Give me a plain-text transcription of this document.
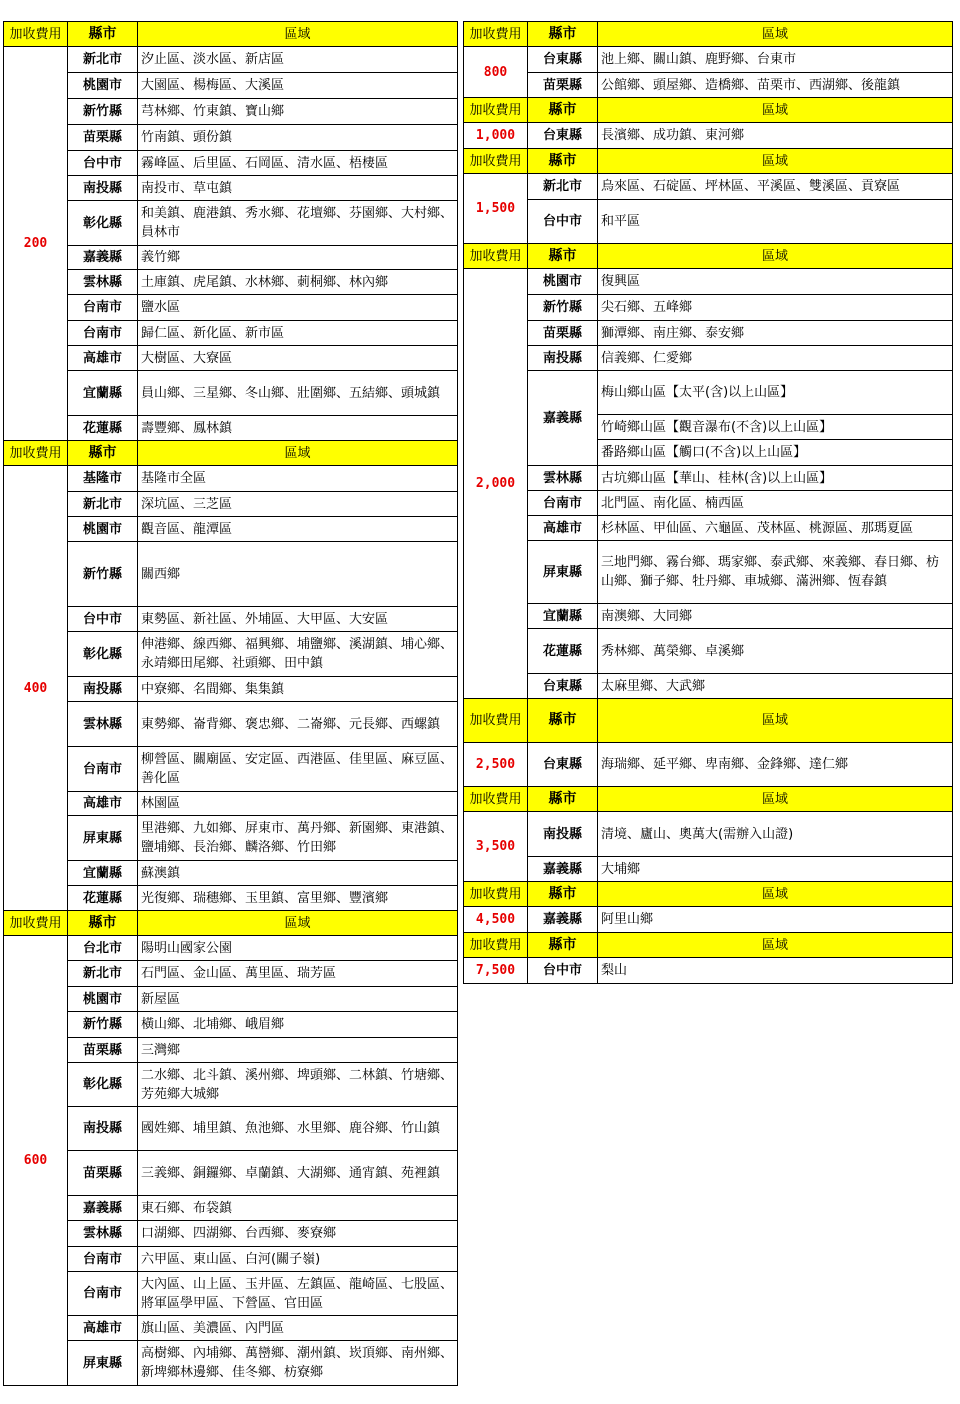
加收費用	縣市	區域
200	新北市	汐止區、淡水區、新店區
	桃園市	大園區、楊梅區、大溪區
	新竹縣	芎林鄉、竹東鎮、寶山鄉
	苗栗縣	竹南鎮、頭份鎮
	台中市	霧峰區、后里區、石岡區、清水區、梧棲區
	南投縣	南投市、草屯鎮
	彰化縣	和美鎮、鹿港鎮、秀水鄉、花壇鄉、芬園鄉、大村鄉、員林市
	嘉義縣	義竹鄉
	雲林縣	土庫鎮、虎尾鎮、水林鄉、莿桐鄉、林內鄉
	台南市	鹽水區
	台南市	歸仁區、新化區、新市區
	高雄市	大樹區、大寮區
	宜蘭縣	員山鄉、三星鄉、冬山鄉、壯圍鄉、五結鄉、頭城鎮
	花蓮縣	壽豐鄉、鳳林鎮
加收費用	縣市	區域
400	基隆市	基隆市全區
	新北市	深坑區、三芝區
	桃園市	觀音區、龍潭區
	新竹縣	關西鄉
	台中市	東勢區、新社區、外埔區、大甲區、大安區
	彰化縣	伸港鄉、線西鄉、福興鄉、埔鹽鄉、溪湖鎮、埔心鄉、永靖鄉田尾鄉、社頭鄉、田中鎮
	南投縣	中寮鄉、名間鄉、集集鎮
	雲林縣	東勢鄉、崙背鄉、褒忠鄉、二崙鄉、元長鄉、西螺鎮
	台南市	柳營區、關廟區、安定區、西港區、佳里區、麻豆區、善化區
	高雄市	林園區
	屏東縣	里港鄉、九如鄉、屏東市、萬丹鄉、新園鄉、東港鎮、鹽埔鄉、長治鄉、麟洛鄉、竹田鄉
	宜蘭縣	蘇澳鎮
	花蓮縣	光復鄉、瑞穗鄉、玉里鎮、富里鄉、豐濱鄉
加收費用	縣市	區域
600	台北市	陽明山國家公園
	新北市	石門區、金山區、萬里區、瑞芳區
	桃園市	新屋區
	新竹縣	橫山鄉、北埔鄉、峨眉鄉
	苗栗縣	三灣鄉
	彰化縣	二水鄉、北斗鎮、溪州鄉、埤頭鄉、二林鎮、竹塘鄉、芳苑鄉大城鄉
	南投縣	國姓鄉、埔里鎮、魚池鄉、水里鄉、鹿谷鄉、竹山鎮
	苗栗縣	三義鄉、銅鑼鄉、卓蘭鎮、大湖鄉、通宵鎮、苑裡鎮
	嘉義縣	東石鄉、布袋鎮
	雲林縣	口湖鄉、四湖鄉、台西鄉、麥寮鄉
	台南市	六甲區、東山區、白河(關子嶺)
	台南市	大內區、山上區、玉井區、左鎮區、龍崎區、七股區、將軍區學甲區、下營區、官田區
	高雄市	旗山區、美濃區、內門區
	屏東縣	高樹鄉、內埔鄉、萬巒鄉、潮州鎮、崁頂鄉、南州鄉、新埤鄉林邊鄉、佳冬鄉、枋寮鄉
加收費用	縣市	區域
800	台東縣	池上鄉、關山鎮、鹿野鄉、台東市
	苗栗縣	公館鄉、頭屋鄉、造橋鄉、苗栗市、西湖鄉、後龍鎮
加收費用	縣市	區域
1,000	台東縣	長濱鄉、成功鎮、東河鄉
加收費用	縣市	區域
1,500	新北市	烏來區、石碇區、坪林區、平溪區、雙溪區、貢寮區
	台中市	和平區
加收費用	縣市	區域
2,000	桃園市	復興區
	新竹縣	尖石鄉、五峰鄉
	苗栗縣	獅潭鄉、南庄鄉、泰安鄉
	南投縣	信義鄉、仁愛鄉
	嘉義縣	梅山鄉山區【太平(含)以上山區】
		竹崎鄉山區【觀音瀑布(不含)以上山區】
		番路鄉山區【觸口(不含)以上山區】
	雲林縣	古坑鄉山區【華山、桂林(含)以上山區】
	台南市	北門區、南化區、楠西區
	高雄市	杉林區、甲仙區、六龜區、茂林區、桃源區、那瑪夏區
	屏東縣	三地門鄉、霧台鄉、瑪家鄉、泰武鄉、來義鄉、春日鄉、枋山鄉、獅子鄉、牡丹鄉、車城鄉、滿洲鄉、恆春鎮
	宜蘭縣	南澳鄉、大同鄉
	花蓮縣	秀林鄉、萬榮鄉、卓溪鄉
	台東縣	太麻里鄉、大武鄉
加收費用	縣市	區域
2,500	台東縣	海瑞鄉、延平鄉、卑南鄉、金鋒鄉、達仁鄉
加收費用	縣市	區域
3,500	南投縣	清境、廬山、奧萬大(需辦入山證)
	嘉義縣	大埔鄉
加收費用	縣市	區域
4,500	嘉義縣	阿里山鄉
加收費用	縣市	區域
7,500	台中市	梨山
